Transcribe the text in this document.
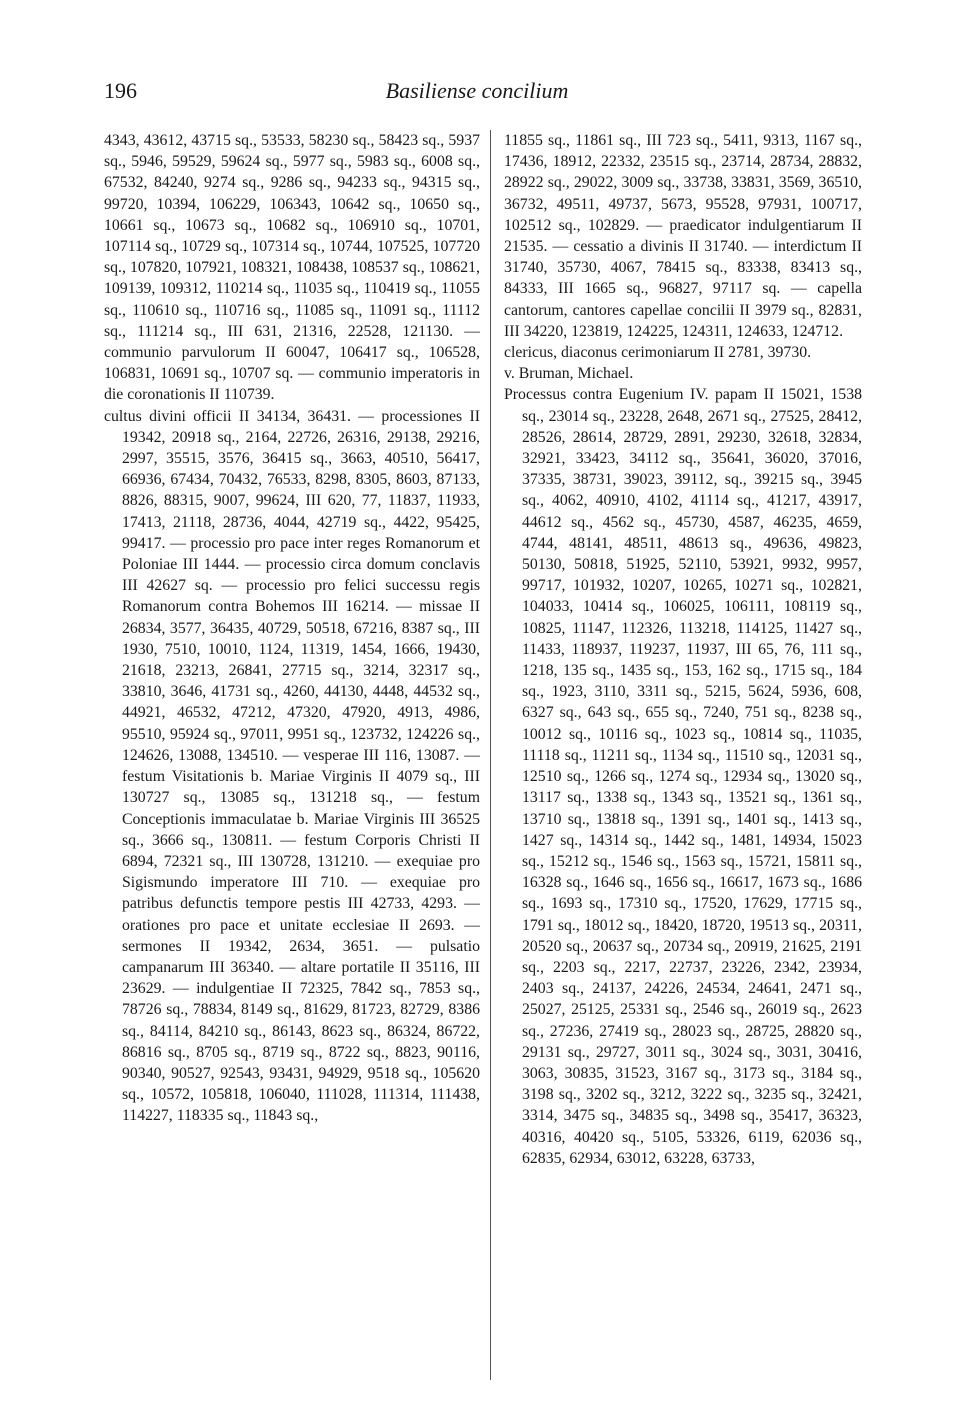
196	Basiliense concilium

4343, 43612, 43715 sq., 53533, 58230 sq., 58423 sq., 5937 sq., 5946, 59529, 59624 sq., 5977 sq., 5983 sq., 6008 sq., 67532, 84240, 9274 sq., 9286 sq., 94233 sq., 94315 sq., 99720, 10394, 106229, 106343, 10642 sq., 10650 sq., 10661 sq., 10673 sq., 10682 sq., 106910 sq., 10701, 107114 sq., 10729 sq., 107314 sq., 10744, 107525, 107720 sq., 107820, 107921, 108321, 108438, 108537 sq., 108621, 109139, 109312, 110214 sq., 11035 sq., 110419 sq., 11055 sq., 110610 sq., 110716 sq., 11085 sq., 11091 sq., 11112 sq., 111214 sq., III 631, 21316, 22528, 121130. — communio parvulorum II 60047, 106417 sq., 106528, 106831, 10691 sq., 10707 sq. — communio imperatoris in die coronationis II 110739.

cultus divini officii II 34134, 36431. — processiones II 19342, 20918 sq., 2164, 22726, 26316, 29138, 29216, 2997, 35515, 3576, 36415 sq., 3663, 40510, 56417, 66936, 67434, 70432, 76533, 8298, 8305, 8603, 87133, 8826, 88315, 9007, 99624, III 620, 77, 11837, 11933, 17413, 21118, 28736, 4044, 42719 sq., 4422, 95425, 99417. — processio pro pace inter reges Romanorum et Poloniae III 1444. — processio circa domum conclavis III 42627 sq. — processio pro felici successu regis Romanorum contra Bohemos III 16214. — missae II 26834, 3577, 36435, 40729, 50518, 67216, 8387 sq., III 1930, 7510, 10010, 1124, 11319, 1454, 1666, 19430, 21618, 23213, 26841, 27715 sq., 3214, 32317 sq., 33810, 3646, 41731 sq., 4260, 44130, 4448, 44532 sq., 44921, 46532, 47212, 47320, 47920, 4913, 4986, 95510, 95924 sq., 97011, 9951 sq., 123732, 124226 sq., 124626, 13088, 134510. — vesperae III 116, 13087. — festum Visitationis b. Mariae Virginis II 4079 sq., III 130727 sq., 13085 sq., 131218 sq., — festum Conceptionis immaculatae b. Mariae Virginis III 36525 sq., 3666 sq., 130811. — festum Corporis Christi II 6894, 72321 sq., III 130728, 131210. — exequiae pro Sigismundo imperatore III 710. — exequiae pro patribus defunctis tempore pestis III 42733, 4293. — orationes pro pace et unitate ecclesiae II 2693. — sermones II 19342, 2634, 3651. — pulsatio campanarum III 36340. — altare portatile II 35116, III 23629. — indulgentiae II 72325, 7842 sq., 7853 sq., 78726 sq., 78834, 8149 sq., 81629, 81723, 82729, 8386 sq., 84114, 84210 sq., 86143, 8623 sq., 86324, 86722, 86816 sq., 8705 sq., 8719 sq., 8722 sq., 8823, 90116, 90340, 90527, 92543, 93431, 94929, 9518 sq., 105620 sq., 10572, 105818, 106040, 111028, 111314, 111438, 114227, 118335 sq., 11843 sq.,

11855 sq., 11861 sq., III 723 sq., 5411, 9313, 1167 sq., 17436, 18912, 22332, 23515 sq., 23714, 28734, 28832, 28922 sq., 29022, 3009 sq., 33738, 33831, 3569, 36510, 36732, 49511, 49737, 5673, 95528, 97931, 100717, 102512 sq., 102829. — praedicator indulgentiarum II 21535. — cessatio a divinis II 31740. — interdictum II 31740, 35730, 4067, 78415 sq., 83338, 83413 sq., 84333, III 1665 sq., 96827, 97117 sq. — capella cantorum, cantores capellae concilii II 3979 sq., 82831, III 34220, 123819, 124225, 124311, 124633, 124712.

clericus, diaconus cerimoniarum II 2781, 39730.

v. Bruman, Michael.

Processus contra Eugenium IV. papam II 15021, 1538 sq., 23014 sq., 23228, 2648, 2671 sq., 27525, 28412, 28526, 28614, 28729, 2891, 29230, 32618, 32834, 32921, 33423, 34112 sq., 35641, 36020, 37016, 37335, 38731, 39023, 39112, sq., 39215 sq., 3945 sq., 4062, 40910, 4102, 41114 sq., 41217, 43917, 44612 sq., 4562 sq., 45730, 4587, 46235, 4659, 4744, 48141, 48511, 48613 sq., 49636, 49823, 50130, 50818, 51925, 52110, 53921, 9932, 9957, 99717, 101932, 10207, 10265, 10271 sq., 102821, 104033, 10414 sq., 106025, 106111, 108119 sq., 10825, 11147, 112326, 113218, 114125, 11427 sq., 11433, 118937, 119237, 11937, III 65, 76, 111 sq., 1218, 135 sq., 1435 sq., 153, 162 sq., 1715 sq., 184 sq., 1923, 3110, 3311 sq., 5215, 5624, 5936, 608, 6327 sq., 643 sq., 655 sq., 7240, 751 sq., 8238 sq., 10012 sq., 10116 sq., 1023 sq., 10814 sq., 11035, 11118 sq., 11211 sq., 1134 sq., 11510 sq., 12031 sq., 12510 sq., 1266 sq., 1274 sq., 12934 sq., 13020 sq., 13117 sq., 1338 sq., 1343 sq., 13521 sq., 1361 sq., 13710 sq., 13818 sq., 1391 sq., 1401 sq., 1413 sq., 1427 sq., 14314 sq., 1442 sq., 1481, 14934, 15023 sq., 15212 sq., 1546 sq., 1563 sq., 15721, 15811 sq., 16328 sq., 1646 sq., 1656 sq., 16617, 1673 sq., 1686 sq., 1693 sq., 17310 sq., 17520, 17629, 17715 sq., 1791 sq., 18012 sq., 18420, 18720, 19513 sq., 20311, 20520 sq., 20637 sq., 20734 sq., 20919, 21625, 2191 sq., 2203 sq., 2217, 22737, 23226, 2342, 23934, 2403 sq., 24137, 24226, 24534, 24641, 2471 sq., 25027, 25125, 25331 sq., 2546 sq., 26019 sq., 2623 sq., 27236, 27419 sq., 28023 sq., 28725, 28820 sq., 29131 sq., 29727, 3011 sq., 3024 sq., 3031, 30416, 3063, 30835, 31523, 3167 sq., 3173 sq., 3184 sq., 3198 sq., 3202 sq., 3212, 3222 sq., 3235 sq., 32421, 3314, 3475 sq., 34835 sq., 3498 sq., 35417, 36323, 40316, 40420 sq., 5105, 53326, 6119, 62036 sq., 62835, 62934, 63012, 63228, 63733,
